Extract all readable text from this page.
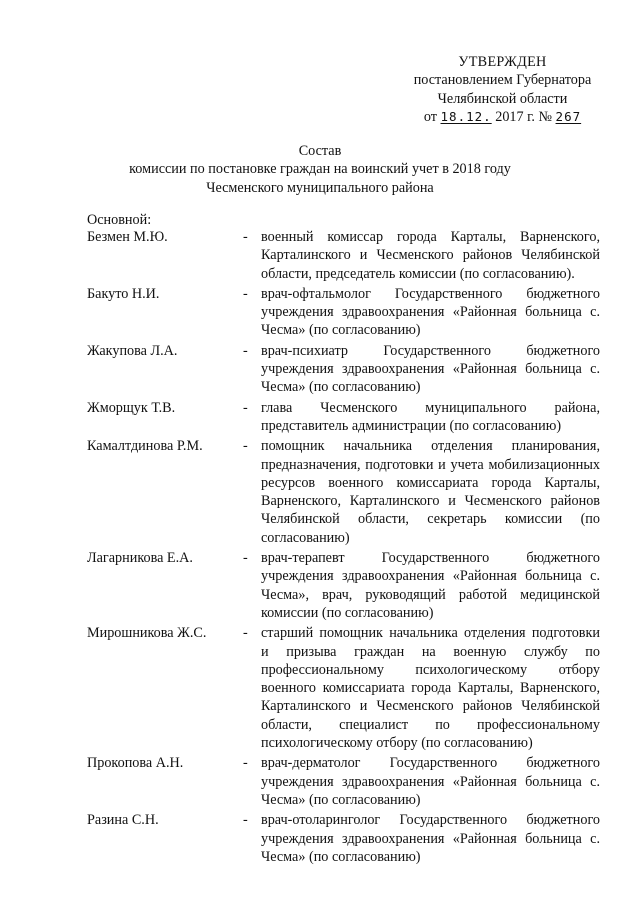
УТВЕРЖДЕН
постановлением Губернатора
Челябинской области
от 18.12. 2017 г. № 267
Состав
комиссии по постановке граждан на воинский учет в 2018 году
Чесменского муниципального района
Основной:
Безмен М.Ю.	- военный комиссар города Карталы, Варненского, Карталинского и Чесменского районов Челябинской области, председатель комиссии (по согласованию).
Бакуто Н.И.	- врач-офтальмолог Государственного бюджетного учреждения здравоохранения «Районная больница с. Чесма» (по согласованию)
Жакупова Л.А.	- врач-психиатр Государственного бюджетного учреждения здравоохранения «Районная больница с. Чесма» (по согласованию)
Жморщук Т.В.	- глава Чесменского муниципального района, представитель администрации (по согласованию)
Камалтдинова Р.М.	- помощник начальника отделения планирования, предназначения, подготовки и учета мобилизационных ресурсов военного комиссариата города Карталы, Варненского, Карталинского и Чесменского районов Челябинской области, секретарь комиссии (по согласованию)
Лагарникова Е.А.	- врач-терапевт Государственного бюджетного учреждения здравоохранения «Районная больница с. Чесма», врач, руководящий работой медицинской комиссии (по согласованию)
Мирошникова Ж.С.	- старший помощник начальника отделения подготовки и призыва граждан на военную службу по профессиональному психологическому отбору военного комиссариата города Карталы, Варненского, Карталинского и Чесменского районов Челябинской области, специалист по профессиональному психологическому отбору (по согласованию)
Прокопова А.Н.	- врач-дерматолог Государственного бюджетного учреждения здравоохранения «Районная больница с. Чесма» (по согласованию)
Разина С.Н.	- врач-отоларинголог Государственного бюджетного учреждения здравоохранения «Районная больница с. Чесма» (по согласованию)
